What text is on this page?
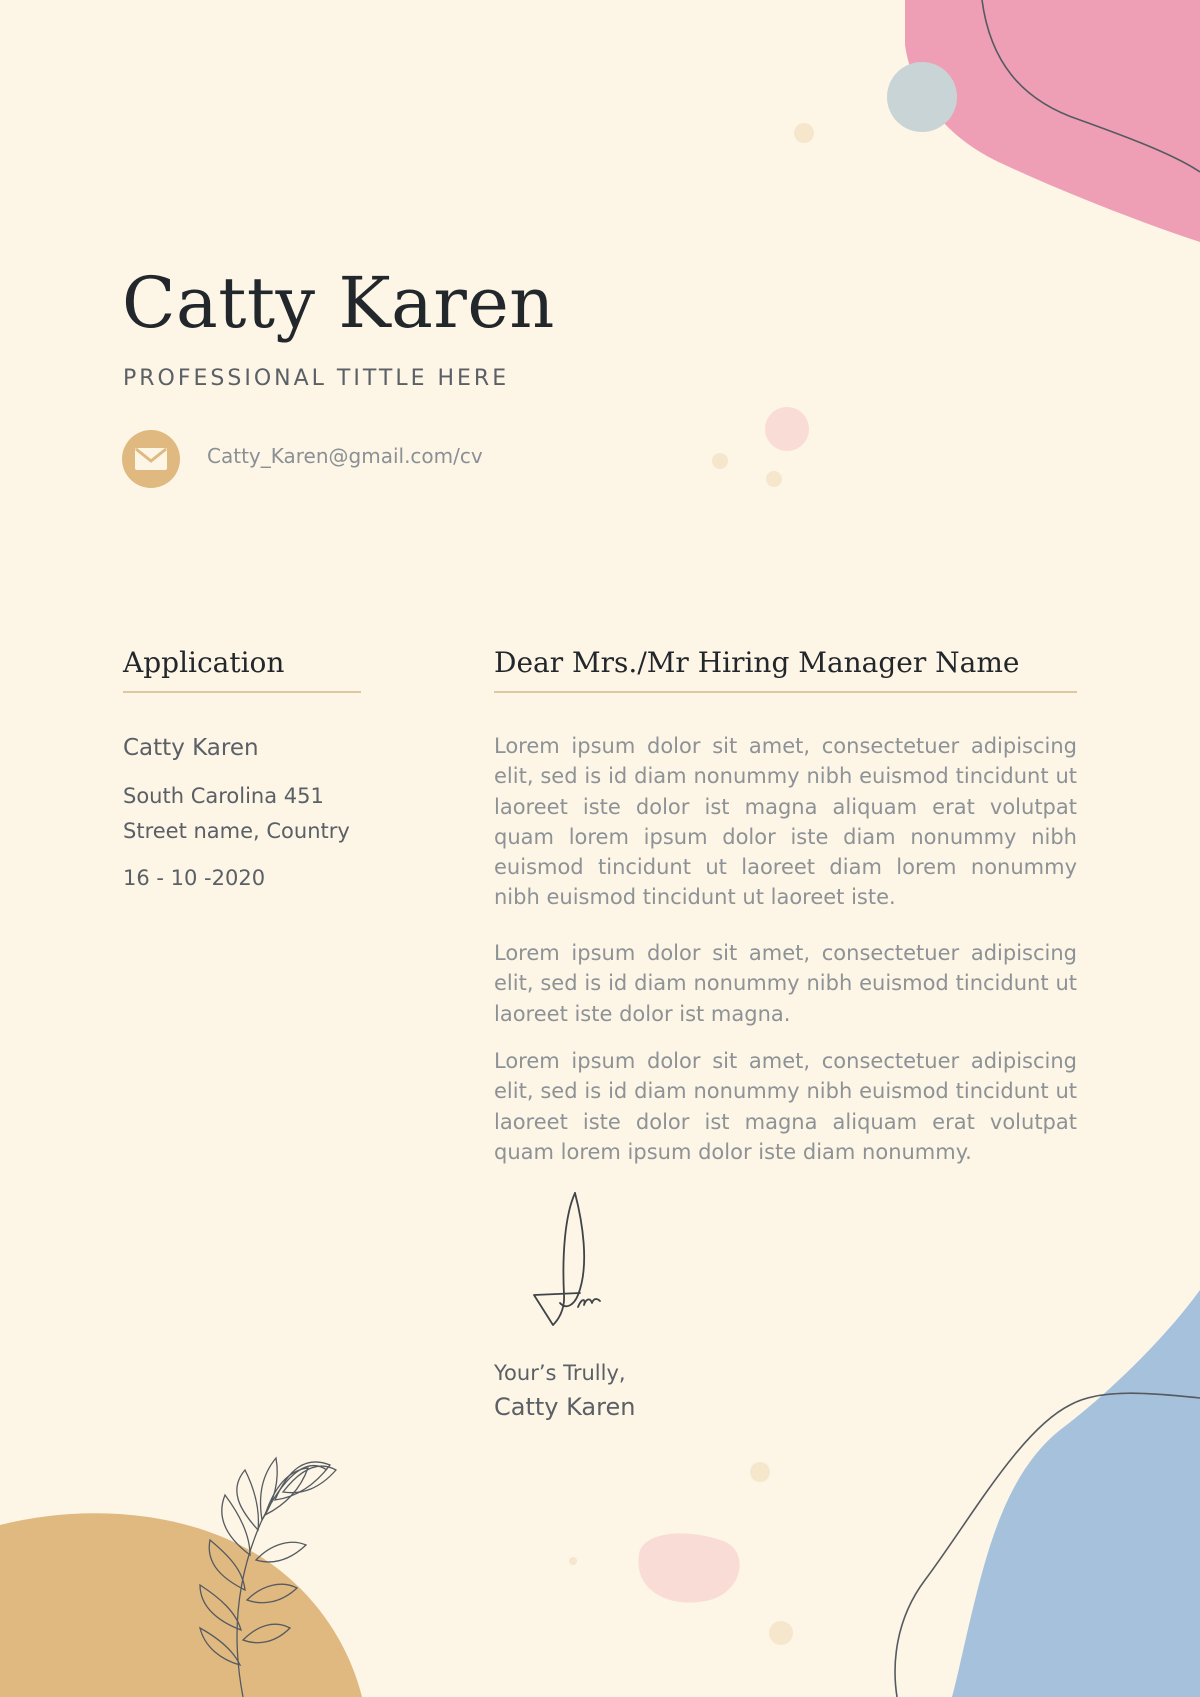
Catty Karen
PROFESSIONAL TITTLE HERE
Catty_Karen@gmail.com/cv
Application
Catty Karen
South Carolina 451
Street name, Country
16 - 10 -2020
Dear Mrs./Mr Hiring Manager Name

Lorem ipsum dolor sit amet, consectetuer adipiscing elit, sed is id diam nonummy nibh euismod tincidunt ut laoreet iste dolor ist magna aliquam erat volutpat quam lorem ipsum dolor iste diam nonummy nibh euismod tincidunt ut laoreet diam lorem nonummy nibh euismod tincidunt ut laoreet iste.

Lorem ipsum dolor sit amet, consectetuer adipiscing elit, sed is id diam nonummy nibh euismod tincidunt ut laoreet iste dolor ist magna.

Lorem ipsum dolor sit amet, consectetuer adipiscing elit, sed is id diam nonummy nibh euismod tincidunt ut laoreet iste dolor ist magna aliquam erat volutpat quam lorem ipsum dolor iste diam nonummy.

Your’s Trully,
Catty Karen
